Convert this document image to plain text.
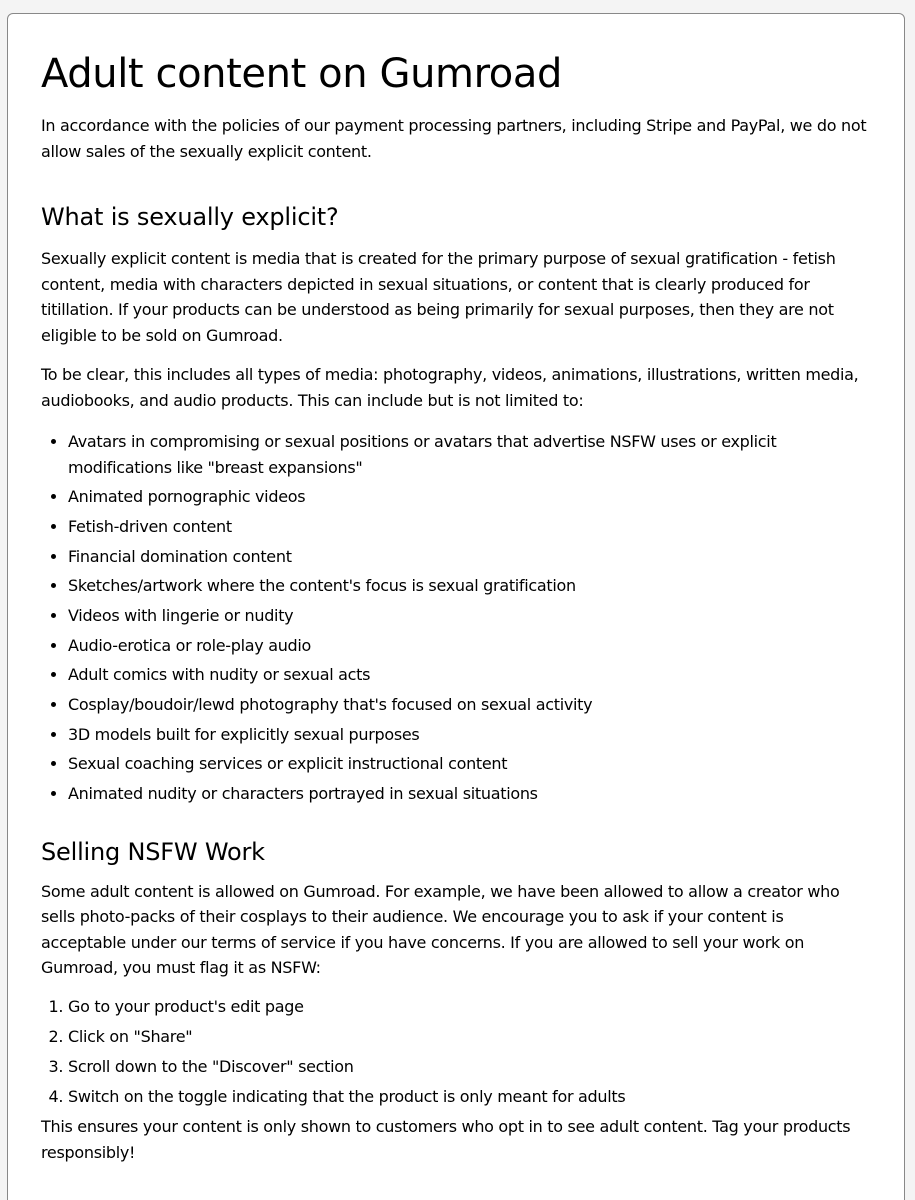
Adult content on Gumroad

In accordance with the policies of our payment processing partners, including Stripe and PayPal, we do not allow sales of the sexually explicit content.

What is sexually explicit?

Sexually explicit content is media that is created for the primary purpose of sexual gratification - fetish content, media with characters depicted in sexual situations, or content that is clearly produced for titillation. If your products can be understood as being primarily for sexual purposes, then they are not eligible to be sold on Gumroad.

To be clear, this includes all types of media: photography, videos, animations, illustrations, written media, audiobooks, and audio products. This can include but is not limited to:

• Avatars in compromising or sexual positions or avatars that advertise NSFW uses or explicit modifications like "breast expansions"
• Animated pornographic videos
• Fetish-driven content
• Financial domination content
• Sketches/artwork where the content's focus is sexual gratification
• Videos with lingerie or nudity
• Audio-erotica or role-play audio
• Adult comics with nudity or sexual acts
• Cosplay/boudoir/lewd photography that's focused on sexual activity
• 3D models built for explicitly sexual purposes
• Sexual coaching services or explicit instructional content
• Animated nudity or characters portrayed in sexual situations
Selling NSFW Work

Some adult content is allowed on Gumroad. For example, we have been allowed to allow a creator who sells photo-packs of their cosplays to their audience. We encourage you to ask if your content is acceptable under our terms of service if you have concerns. If you are allowed to sell your work on Gumroad, you must flag it as NSFW:

1. Go to your product's edit page
2. Click on "Share"
3. Scroll down to the "Discover" section
4. Switch on the toggle indicating that the product is only meant for adults

This ensures your content is only shown to customers who opt in to see adult content. Tag your products responsibly!
